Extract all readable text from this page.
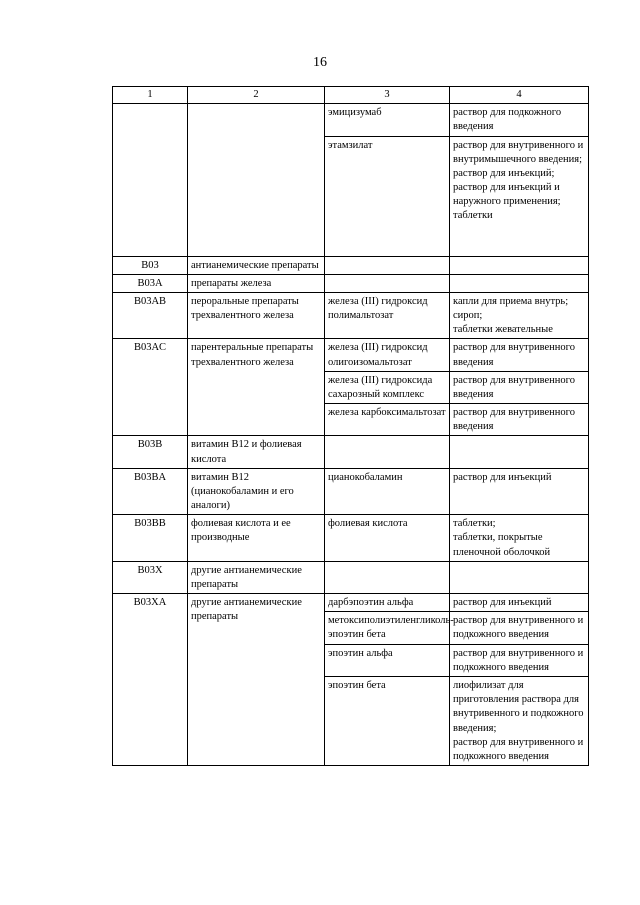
16
1	2	3	4
		эмицизумаб	раствор для подкожного введения
		этамзилат	раствор для внутривенного и внутримышечного введения;
раствор для инъекций;
раствор для инъекций и наружного применения;
таблетки

B03	антианемические препараты		
B03A	препараты железа		
B03AB	пероральные препараты трехвалентного железа	железа (III) гидроксид полимальтозат	капли для приема внутрь;
сироп;
таблетки жевательные

B03AC	парентеральные препараты трехвалентного железа	железа (III) гидроксид олигоизомальтозат	раствор для внутривенного введения
		железа (III) гидроксида сахарозный комплекс	раствор для внутривенного введения
		железа карбоксимальтозат	раствор для внутривенного введения
B03B	витамин B12 и фолиевая кислота		
B03BA	витамин B12 (цианокобаламин и его аналоги)	цианокобаламин	раствор для инъекций
B03BB	фолиевая кислота и ее производные	фолиевая кислота	таблетки;
таблетки, покрытые пленочной оболочкой

B03X	другие антианемические препараты		
B03XA	другие антианемические препараты	дарбэпоэтин альфа	раствор для инъекций
		метоксиполиэтиленгликоль-эпоэтин бета	раствор для внутривенного и подкожного введения
		эпоэтин альфа	раствор для внутривенного и подкожного введения
		эпоэтин бета	лиофилизат для приготовления раствора для внутривенного и подкожного введения;
раствор для внутривенного и подкожного введения
